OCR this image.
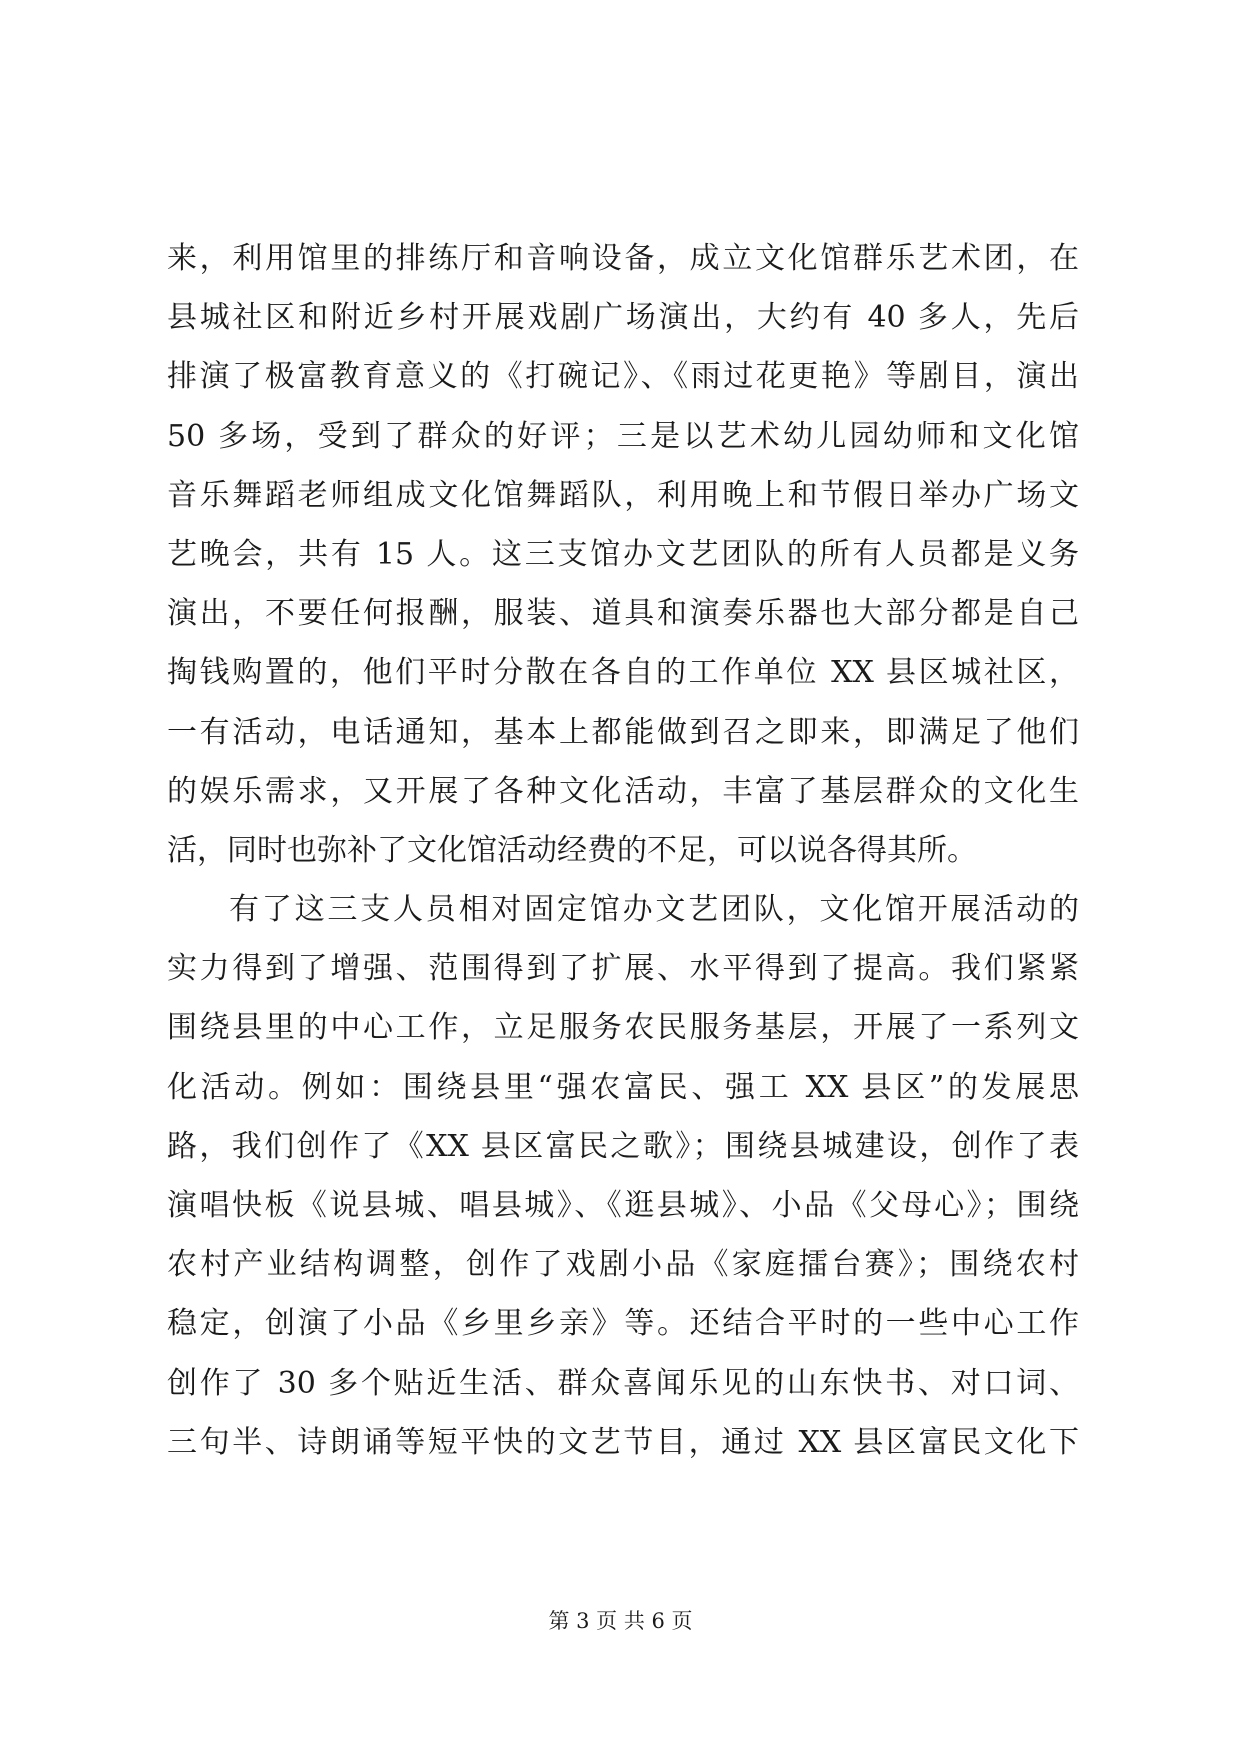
来，利用馆里的排练厅和音响设备，成立文化馆群乐艺术团，在
县城社区和附近乡村开展戏剧广场演出，大约有 40 多人，先后
排演了极富教育意义的《打碗记》、《雨过花更艳》等剧目，演出
50 多场，受到了群众的好评；三是以艺术幼儿园幼师和文化馆
音乐舞蹈老师组成文化馆舞蹈队，利用晚上和节假日举办广场文
艺晚会，共有 15 人。这三支馆办文艺团队的所有人员都是义务
演出，不要任何报酬，服装、道具和演奏乐器也大部分都是自己
掏钱购置的，他们平时分散在各自的工作单位 XX 县区城社区，
一有活动，电话通知，基本上都能做到召之即来，即满足了他们
的娱乐需求，又开展了各种文化活动，丰富了基层群众的文化生
活，同时也弥补了文化馆活动经费的不足，可以说各得其所。
有了这三支人员相对固定馆办文艺团队，文化馆开展活动的
实力得到了增强、范围得到了扩展、水平得到了提高。我们紧紧
围绕县里的中心工作，立足服务农民服务基层，开展了一系列文
化活动。例如：围绕县里“强农富民、强工 XX 县区”的发展思
路，我们创作了《XX 县区富民之歌》；围绕县城建设，创作了表
演唱快板《说县城、唱县城》、《逛县城》、小品《父母心》；围绕
农村产业结构调整，创作了戏剧小品《家庭擂台赛》；围绕农村
稳定，创演了小品《乡里乡亲》等。还结合平时的一些中心工作
创作了 30 多个贴近生活、群众喜闻乐见的山东快书、对口词、
三句半、诗朗诵等短平快的文艺节目，通过 XX 县区富民文化下
第 3 页 共 6 页
